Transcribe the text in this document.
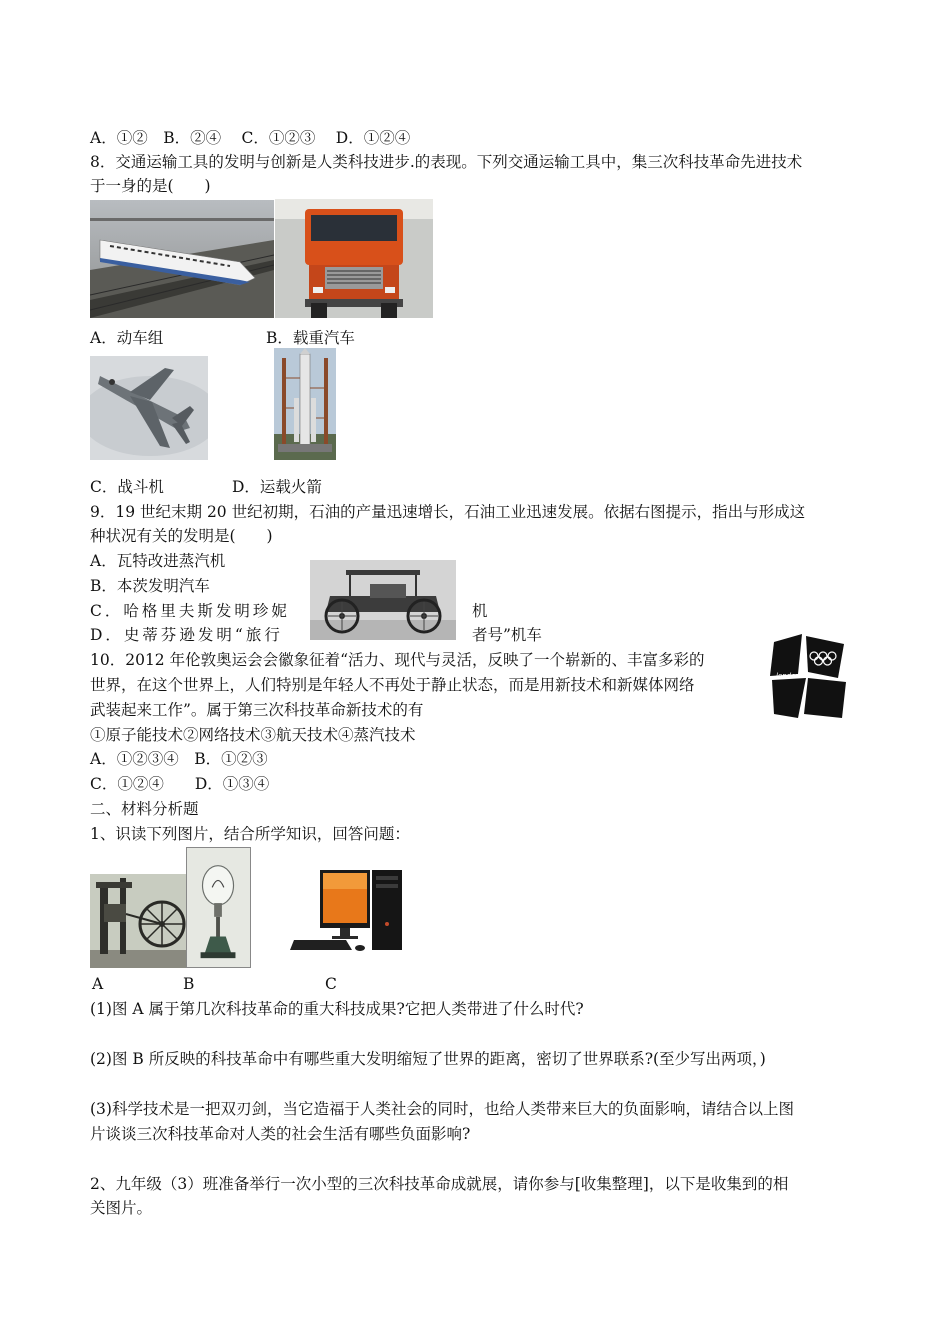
A．①②　B．②④　 C．①②③　 D．①②④
8．交通运输工具的发明与创新是人类科技进步.的表现。下列交通运输工具中，集三次科技革命先进技术
于一身的是(　　)
A．动车组	B．载重汽车
C．战斗机	D．运载火箭
9．19 世纪末期 20 世纪初期，石油的产量迅速增长，石油工业迅速发展。依据右图提示，指出与形成这
种状况有关的发明是(　　)
A．瓦特改进蒸汽机
B．本茨发明汽车
C．哈格里夫斯发明珍妮	机
D．史蒂芬逊发明“旅行	者号”机车
10．2012 年伦敦奥运会会徽象征着“活力、现代与灵活，反映了一个崭新的、丰富多彩的
世界，在这个世界上，人们特别是年轻人不再处于静止状态，而是用新技术和新媒体网络
武装起来工作”。属于第三次科技革命新技术的有
①原子能技术②网络技术③航天技术④蒸汽技术
A．①②③④　B．①②③
C．①②④　　D．①③④
london
二、材料分析题
1、识读下列图片，结合所学知识，回答问题：
A	B	C
(1)图 A 属于第几次科技革命的重大科技成果?它把人类带进了什么时代?
(2)图 B 所反映的科技革命中有哪些重大发明缩短了世界的距离，密切了世界联系?(至少写出两项，)
(3)科学技术是一把双刃剑，当它造福于人类社会的同时，也给人类带来巨大的负面影响，请结合以上图
片谈谈三次科技革命对人类的社会生活有哪些负面影响?
2、九年级（3）班准备举行一次小型的三次科技革命成就展，请你参与[收集整理]，以下是收集到的相
关图片。
